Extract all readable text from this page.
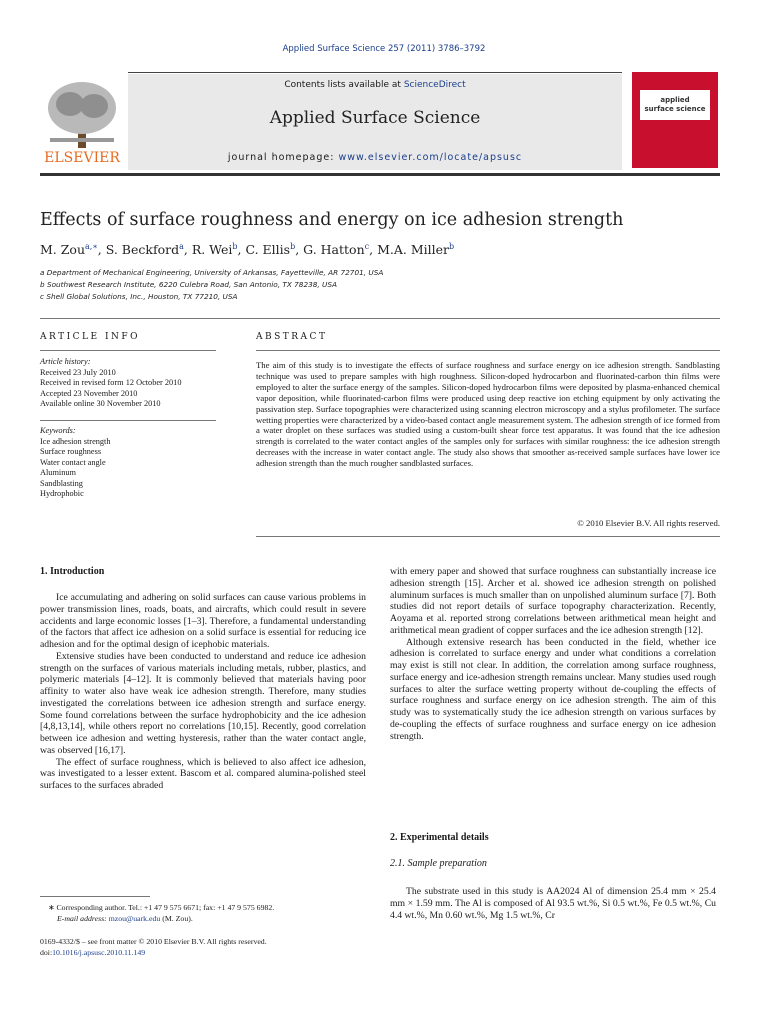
Applied Surface Science 257 (2011) 3786–3792
ELSEVIER
Contents lists available at ScienceDirect
Applied Surface Science
journal homepage: www.elsevier.com/locate/apsusc
applied
surface science
Effects of surface roughness and energy on ice adhesion strength
M. Zou$^{a,∗}$, S. Beckford$^a$, R. Wei$^b$, C. Ellis$^b$, G. Hatton$^c$, M.A. Miller$^b$
a Department of Mechanical Engineering, University of Arkansas, Fayetteville, AR 72701, USA
b Southwest Research Institute, 6220 Culebra Road, San Antonio, TX 78238, USA
c Shell Global Solutions, Inc., Houston, TX 77210, USA
ARTICLE INFO
Article history:
Received 23 July 2010
Received in revised form 12 October 2010
Accepted 23 November 2010
Available online 30 November 2010
Keywords:
Ice adhesion strength
Surface roughness
Water contact angle
Aluminum
Sandblasting
Hydrophobic
ABSTRACT
The aim of this study is to investigate the effects of surface roughness and surface energy on ice adhesion strength. Sandblasting technique was used to prepare samples with high roughness. Silicon-doped hydrocarbon and fluorinated-carbon thin films were employed to alter the surface energy of the samples. Silicon-doped hydrocarbon films were deposited by plasma-enhanced chemical vapor deposition, while fluorinated-carbon films were produced using deep reactive ion etching equipment by only activating the passivation step. Surface topographies were characterized using scanning electron microscopy and a stylus profilometer. The surface wetting properties were characterized by a video-based contact angle measurement system. The adhesion strength of ice formed from a water droplet on these surfaces was studied using a custom-built shear force test apparatus. It was found that the ice adhesion strength is correlated to the water contact angles of the samples only for surfaces with similar roughness: the ice adhesion strength decreases with the increase in water contact angle. The study also shows that smoother as-received sample surfaces have lower ice adhesion strength than the much rougher sandblasted surfaces.
© 2010 Elsevier B.V. All rights reserved.
1. Introduction

Ice accumulating and adhering on solid surfaces can cause various problems in power transmission lines, roads, boats, and aircrafts, which could result in severe accidents and large economic losses [1–3]. Therefore, a fundamental understanding of the factors that affect ice adhesion on a solid surface is essential for reducing ice adhesion and for the optimal design of icephobic materials.

Extensive studies have been conducted to understand and reduce ice adhesion strength on the surfaces of various materials including metals, rubber, plastics, and polymeric materials [4–12]. It is commonly believed that materials having poor affinity to water also have weak ice adhesion strength. Therefore, many studies investigated the correlations between ice adhesion strength and surface energy. Some found correlations between the surface hydrophobicity and the ice adhesion [4,8,13,14], while others report no correlations [10,15]. Recently, good correlation between ice adhesion and wetting hysteresis, rather than the water contact angle, was observed [16,17].

The effect of surface roughness, which is believed to also affect ice adhesion, was investigated to a lesser extent. Bascom et al. compared alumina-polished steel surfaces to the surfaces abraded

with emery paper and showed that surface roughness can substantially increase ice adhesion strength [15]. Archer et al. showed ice adhesion strength on polished aluminum surfaces is much smaller than on unpolished aluminum surface [7]. Both studies did not report details of surface topography characterization. Recently, Aoyama et al. reported strong correlations between arithmetical mean height and arithmetical mean gradient of copper surfaces and the ice adhesion strength [12].

Although extensive research has been conducted in the field, whether ice adhesion is correlated to surface energy and under what conditions a correlation may exist is still not clear. In addition, the correlation among surface roughness, surface energy and ice-adhesion strength remains unclear. Many studies used rough surfaces to alter the surface wetting property without de-coupling the effects of surface roughness and surface energy on ice adhesion strength. The aim of this study was to systematically study the ice adhesion strength on various surfaces by de-coupling the effects of surface roughness and surface energy on ice adhesion strength.

2. Experimental details
2.1. Sample preparation

The substrate used in this study is AA2024 Al of dimension 25.4 mm × 25.4 mm × 1.59 mm. The Al is composed of Al 93.5 wt.%, Si 0.5 wt.%, Fe 0.5 wt.%, Cu 4.4 wt.%, Mn 0.60 wt.%, Mg 1.5 wt.%, Cr

∗ Corresponding author. Tel.: +1 47 9 575 6671; fax: +1 47 9 575 6982.
E-mail address: mzou@uark.edu (M. Zou).
0169-4332/$ – see front matter © 2010 Elsevier B.V. All rights reserved.
doi:10.1016/j.apsusc.2010.11.149
